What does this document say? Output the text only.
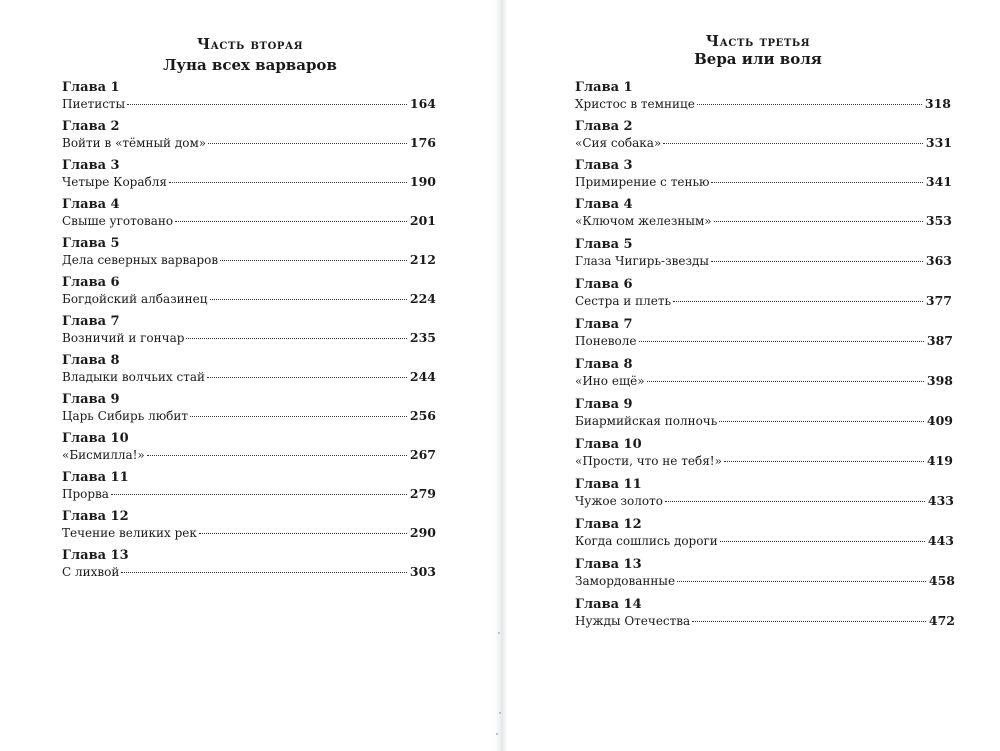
Часть вторая
Луна всех варваров
Глава 1
Пиетисты	164
Глава 2
Войти в «тёмный дом»	176
Глава 3
Четыре Корабля	190
Глава 4
Свыше уготовано	201
Глава 5
Дела северных варваров	212
Глава 6
Богдойский албазинец	224
Глава 7
Возничий и гончар	235
Глава 8
Владыки волчьих стай	244
Глава 9
Царь Сибирь любит	256
Глава 10
«Бисмилла!»	267
Глава 11
Прорва	279
Глава 12
Течение великих рек	290
Глава 13
С лихвой	303
Часть третья
Вера или воля
Глава 1
Христос в темнице	318
Глава 2
«Сия собака»	331
Глава 3
Примирение с тенью	341
Глава 4
«Ключом железным»	353
Глава 5
Глаза Чигирь-звезды	363
Глава 6
Сестра и плеть	377
Глава 7
Поневоле	387
Глава 8
«Ино ещё»	398
Глава 9
Биармийская полночь	409
Глава 10
«Прости, что не тебя!»	419
Глава 11
Чужое золото	433
Глава 12
Когда сошлись дороги	443
Глава 13
Замордованные	458
Глава 14
Нужды Отечества	472
